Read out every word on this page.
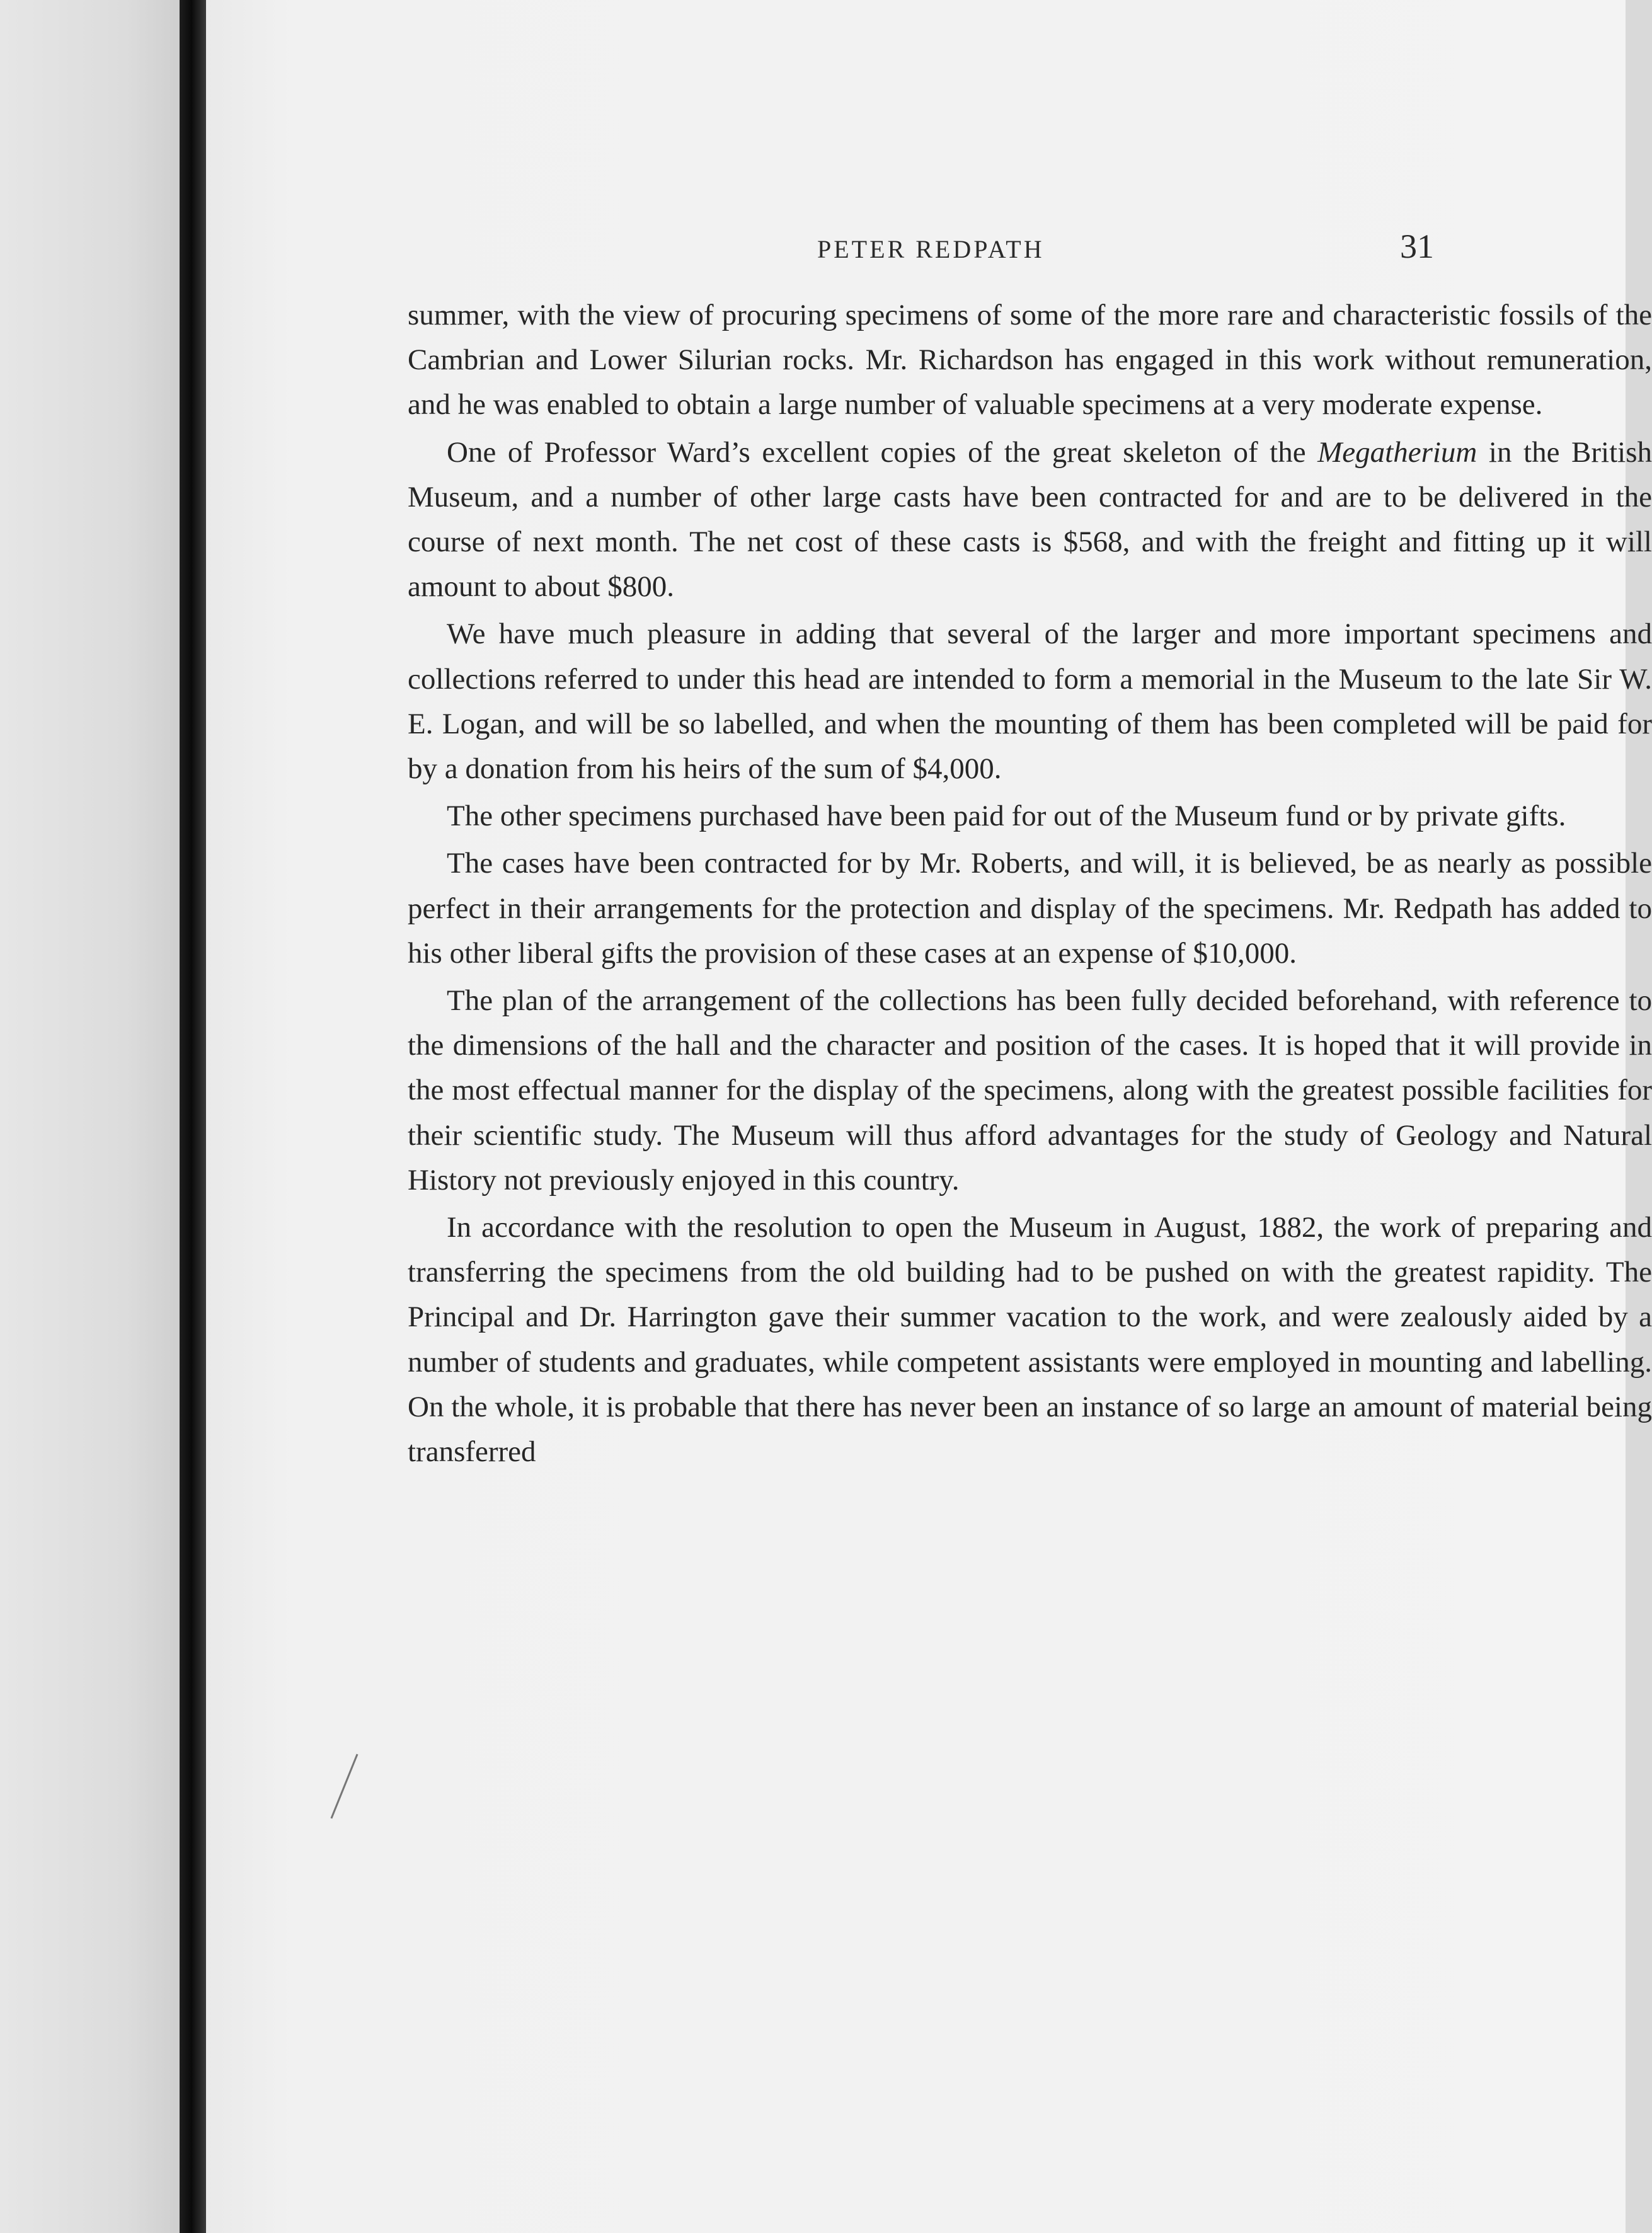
PETER REDPATH	31

summer, with the view of procuring specimens of some of the more rare and characteristic fossils of the Cambrian and Lower Silurian rocks. Mr. Richardson has engaged in this work without remuneration, and he was enabled to obtain a large number of valuable specimens at a very moderate expense.

One of Professor Ward’s excellent copies of the great skeleton of the Megatherium in the British Museum, and a number of other large casts have been contracted for and are to be delivered in the course of next month. The net cost of these casts is $568, and with the freight and fitting up it will amount to about $800.

We have much pleasure in adding that several of the larger and more important specimens and collections referred to under this head are intended to form a memorial in the Museum to the late Sir W. E. Logan, and will be so labelled, and when the mounting of them has been completed will be paid for by a donation from his heirs of the sum of $4,000.

The other specimens purchased have been paid for out of the Museum fund or by private gifts.

The cases have been contracted for by Mr. Roberts, and will, it is believed, be as nearly as possible perfect in their arrangements for the protection and display of the specimens. Mr. Redpath has added to his other liberal gifts the provision of these cases at an expense of $10,000.

The plan of the arrangement of the collections has been fully decided beforehand, with reference to the dimensions of the hall and the character and position of the cases. It is hoped that it will provide in the most effectual manner for the display of the specimens, along with the greatest possible facilities for their scientific study. The Museum will thus afford advantages for the study of Geology and Natural History not previously enjoyed in this country.

In accordance with the resolution to open the Museum in August, 1882, the work of preparing and transferring the specimens from the old building had to be pushed on with the greatest rapidity. The Principal and Dr. Harrington gave their summer vacation to the work, and were zealously aided by a number of students and graduates, while competent assistants were employed in mounting and labelling. On the whole, it is probable that there has never been an instance of so large an amount of material being transferred
